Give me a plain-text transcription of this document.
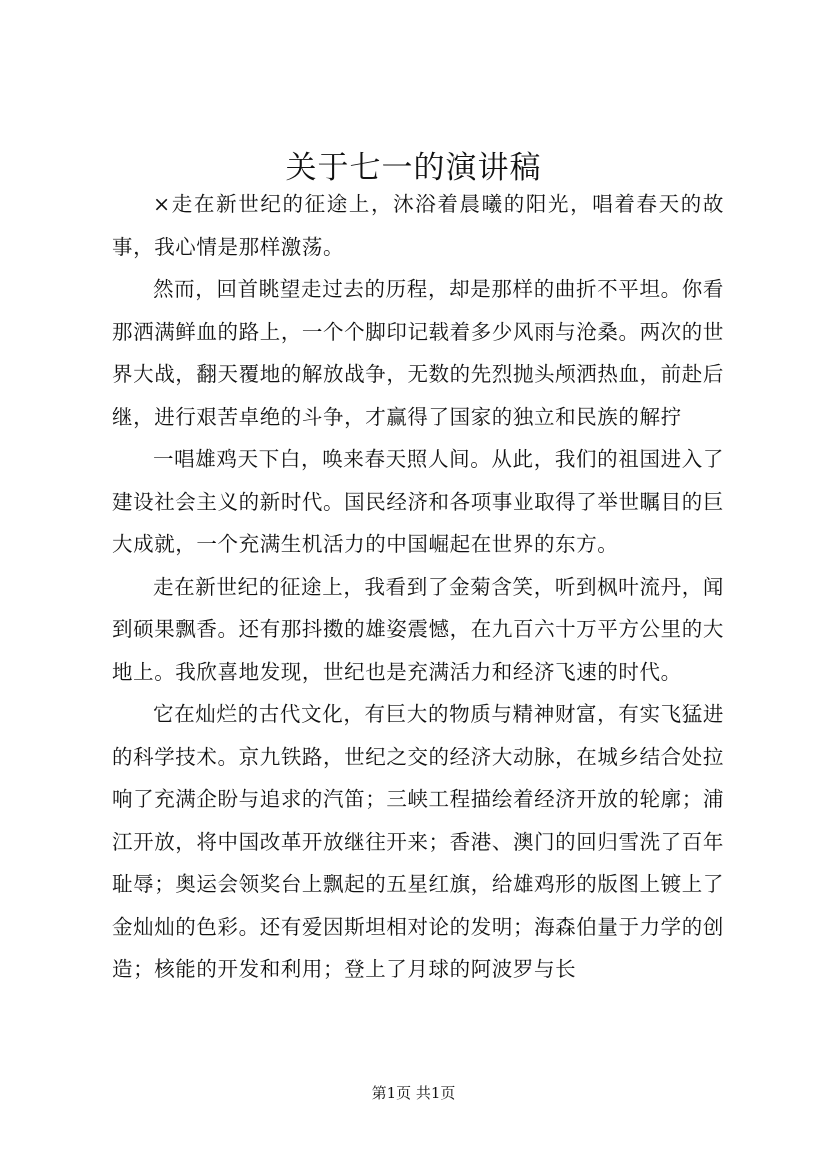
关于七一的演讲稿

×走在新世纪的征途上，沐浴着晨曦的阳光，唱着春天的故事，我心情是那样激荡。

然而，回首眺望走过去的历程，却是那样的曲折不平坦。你看那洒满鲜血的路上，一个个脚印记载着多少风雨与沧桑。两次的世界大战，翻天覆地的解放战争，无数的先烈抛头颅洒热血，前赴后继，进行艰苦卓绝的斗争，才赢得了国家的独立和民族的解拧

一唱雄鸡天下白，唤来春天照人间。从此，我们的祖国进入了建设社会主义的新时代。国民经济和各项事业取得了举世瞩目的巨大成就，一个充满生机活力的中国崛起在世界的东方。

走在新世纪的征途上，我看到了金菊含笑，听到枫叶流丹，闻到硕果飘香。还有那抖擞的雄姿震憾，在九百六十万平方公里的大地上。我欣喜地发现，世纪也是充满活力和经济飞速的时代。

它在灿烂的古代文化，有巨大的物质与精神财富，有实飞猛进的科学技术。京九铁路，世纪之交的经济大动脉，在城乡结合处拉响了充满企盼与追求的汽笛；三峡工程描绘着经济开放的轮廓；浦江开放，将中国改革开放继往开来；香港、澳门的回归雪洗了百年耻辱；奥运会领奖台上飘起的五星红旗，给雄鸡形的版图上镀上了金灿灿的色彩。还有爱因斯坦相对论的发明；海森伯量于力学的创造；核能的开发和利用；登上了月球的阿波罗与长

第1页 共1页
